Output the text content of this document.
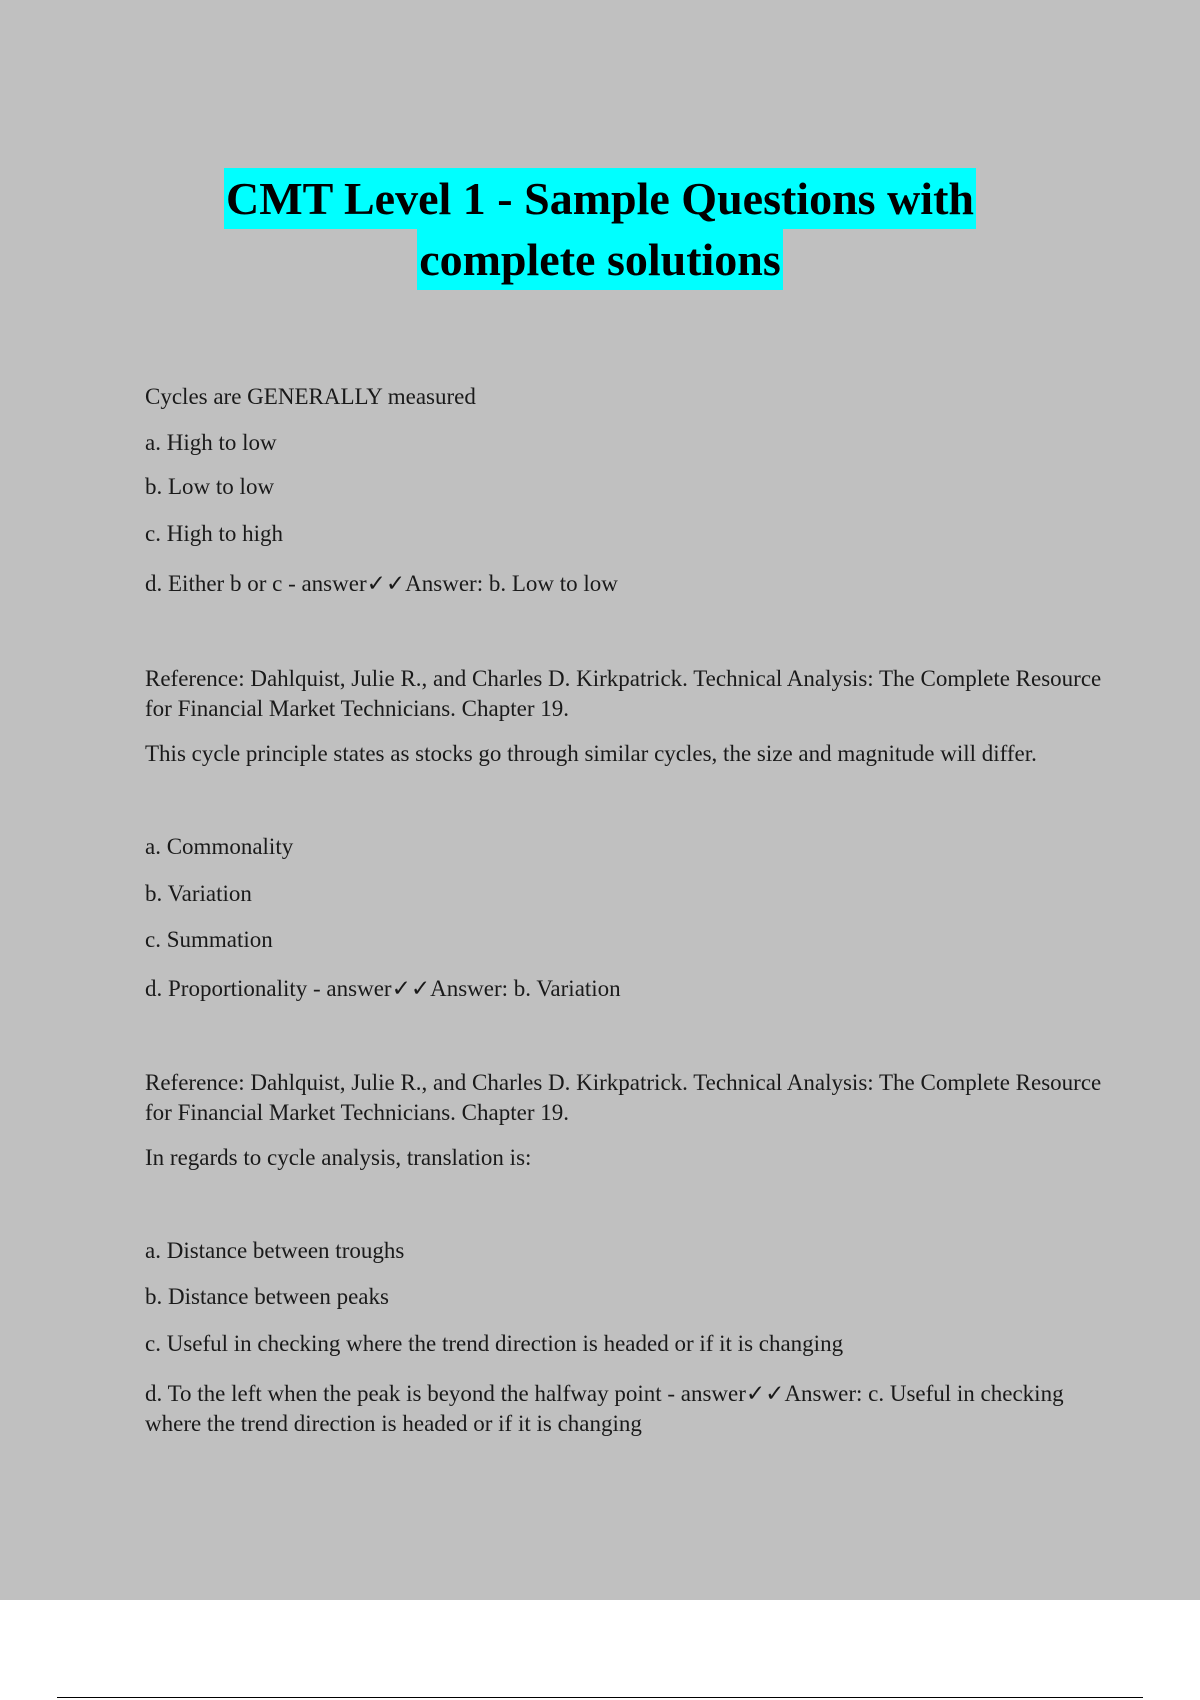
CMT Level 1 - Sample Questions with
complete solutions

Cycles are GENERALLY measured

a. High to low

b. Low to low

c. High to high

d. Either b or c - answer✓✓Answer: b. Low to low

Reference: Dahlquist, Julie R., and Charles D. Kirkpatrick. Technical Analysis: The Complete Resource for Financial Market Technicians. Chapter 19.

This cycle principle states as stocks go through similar cycles, the size and magnitude will differ.

a. Commonality

b. Variation

c. Summation

d. Proportionality - answer✓✓Answer: b. Variation

Reference: Dahlquist, Julie R., and Charles D. Kirkpatrick. Technical Analysis: The Complete Resource for Financial Market Technicians. Chapter 19.

In regards to cycle analysis, translation is:

a. Distance between troughs

b. Distance between peaks

c. Useful in checking where the trend direction is headed or if it is changing

d. To the left when the peak is beyond the halfway point - answer✓✓Answer: c. Useful in checking where the trend direction is headed or if it is changing
